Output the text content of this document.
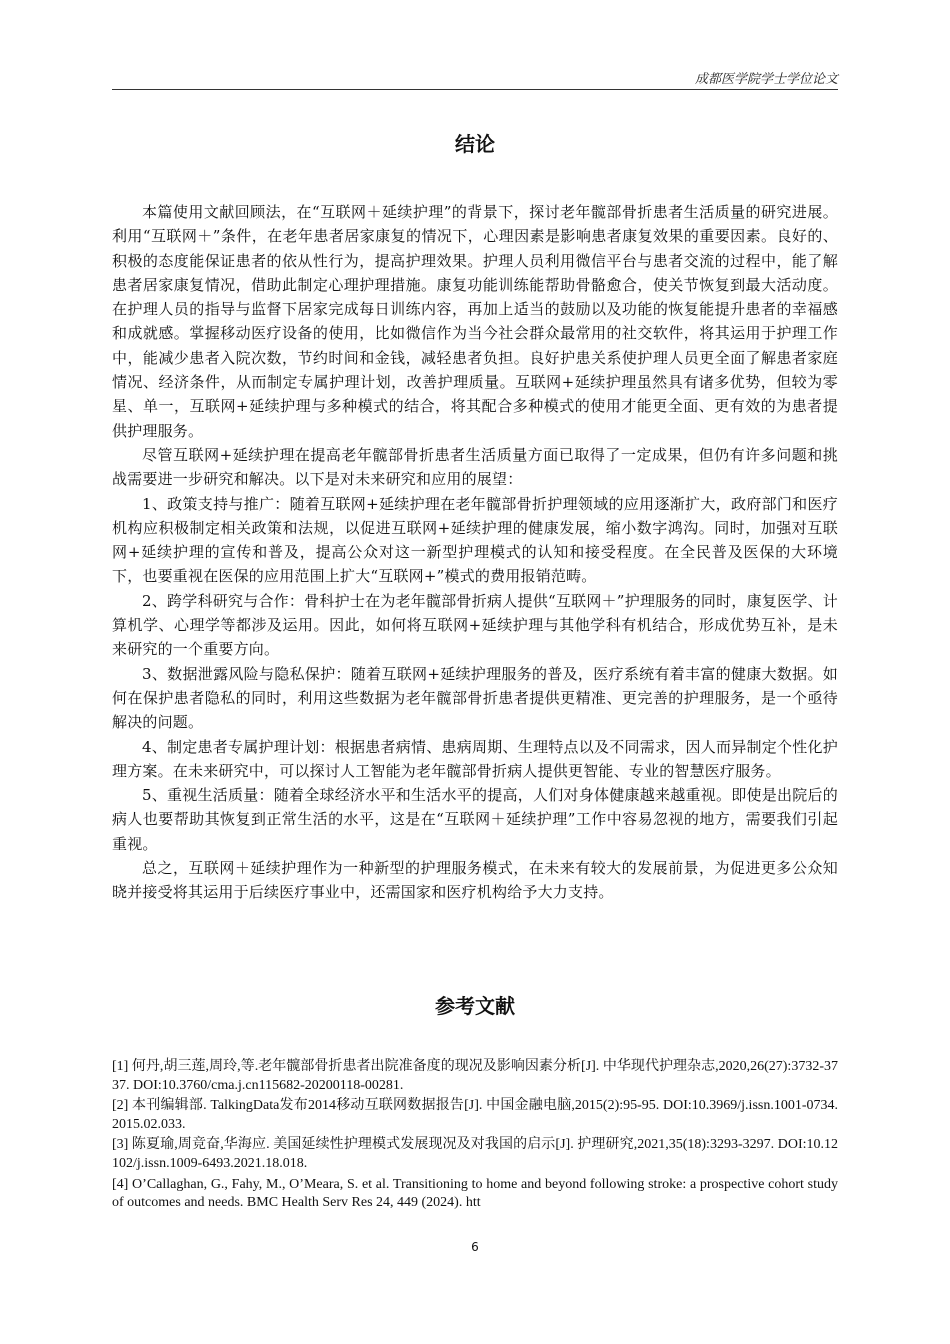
成都医学院学士学位论文
结论

本篇使用文献回顾法，在“互联网＋延续护理”的背景下，探讨老年髋部骨折患者生活质量的研究进展。利用“互联网＋”条件，在老年患者居家康复的情况下，心理因素是影响患者康复效果的重要因素。良好的、积极的态度能保证患者的依从性行为，提高护理效果。护理人员利用微信平台与患者交流的过程中，能了解患者居家康复情况，借助此制定心理护理措施。康复功能训练能帮助骨骼愈合，使关节恢复到最大活动度。在护理人员的指导与监督下居家完成每日训练内容，再加上适当的鼓励以及功能的恢复能提升患者的幸福感和成就感。掌握移动医疗设备的使用，比如微信作为当今社会群众最常用的社交软件，将其运用于护理工作中，能减少患者入院次数，节约时间和金钱，减轻患者负担。良好护患关系使护理人员更全面了解患者家庭情况、经济条件，从而制定专属护理计划，改善护理质量。互联网+延续护理虽然具有诸多优势，但较为零星、单一，互联网+延续护理与多种模式的结合，将其配合多种模式的使用才能更全面、更有效的为患者提供护理服务。

尽管互联网+延续护理在提高老年髋部骨折患者生活质量方面已取得了一定成果，但仍有许多问题和挑战需要进一步研究和解决。以下是对未来研究和应用的展望：

1、政策支持与推广：随着互联网+延续护理在老年髋部骨折护理领域的应用逐渐扩大，政府部门和医疗机构应积极制定相关政策和法规，以促进互联网+延续护理的健康发展，缩小数字鸿沟。同时，加强对互联网+延续护理的宣传和普及，提高公众对这一新型护理模式的认知和接受程度。在全民普及医保的大环境下，也要重视在医保的应用范围上扩大“互联网+”模式的费用报销范畴。

2、跨学科研究与合作：骨科护士在为老年髋部骨折病人提供“互联网＋”护理服务的同时，康复医学、计算机学、心理学等都涉及运用。因此，如何将互联网+延续护理与其他学科有机结合，形成优势互补，是未来研究的一个重要方向。

3、数据泄露风险与隐私保护：随着互联网+延续护理服务的普及，医疗系统有着丰富的健康大数据。如何在保护患者隐私的同时，利用这些数据为老年髋部骨折患者提供更精准、更完善的护理服务，是一个亟待解决的问题。

4、制定患者专属护理计划：根据患者病情、患病周期、生理特点以及不同需求，因人而异制定个性化护理方案。在未来研究中，可以探讨人工智能为老年髋部骨折病人提供更智能、专业的智慧医疗服务。

5、重视生活质量：随着全球经济水平和生活水平的提高，人们对身体健康越来越重视。即使是出院后的病人也要帮助其恢复到正常生活的水平，这是在“互联网＋延续护理”工作中容易忽视的地方，需要我们引起重视。

总之，互联网＋延续护理作为一种新型的护理服务模式，在未来有较大的发展前景，为促进更多公众知晓并接受将其运用于后续医疗事业中，还需国家和医疗机构给予大力支持。

参考文献

[1] 何丹,胡三莲,周玲,等.老年髋部骨折患者出院准备度的现况及影响因素分析[J]. 中华现代护理杂志,2020,26(27):3732-3737. DOI:10.3760/cma.j.cn115682-20200118-00281.

[2] 本刊编辑部. TalkingData发布2014移动互联网数据报告[J]. 中国金融电脑,2015(2):95-95. DOI:10.3969/j.issn.1001-0734.2015.02.033.

[3] 陈夏瑜,周竞奋,华海应. 美国延续性护理模式发展现况及对我国的启示[J]. 护理研究,2021,35(18):3293-3297. DOI:10.12102/j.issn.1009-6493.2021.18.018.

[4] O’Callaghan, G., Fahy, M., O’Meara, S. et al. Transitioning to home and beyond following stroke: a prospective cohort study of outcomes and needs. BMC Health Serv Res 24, 449 (2024). htt

6
